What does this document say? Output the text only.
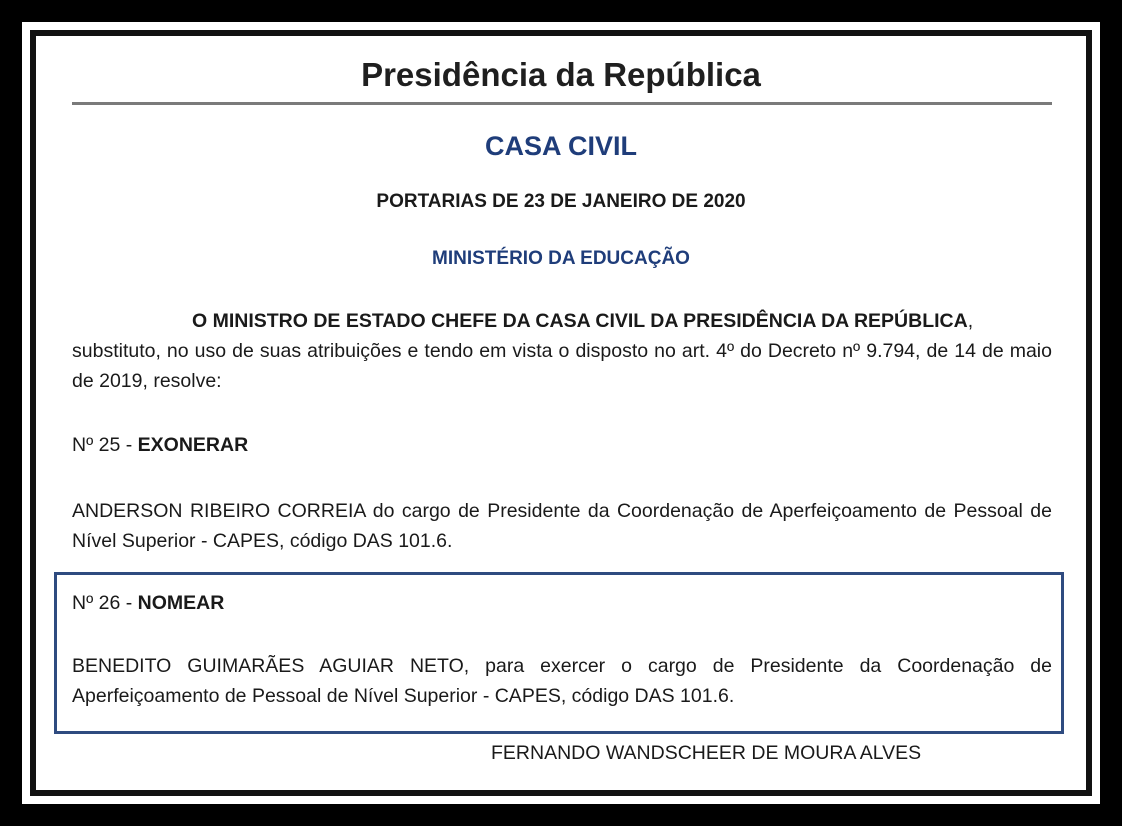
Presidência da República
CASA CIVIL
PORTARIAS DE 23 DE JANEIRO DE 2020
MINISTÉRIO DA EDUCAÇÃO
O MINISTRO DE ESTADO CHEFE DA CASA CIVIL DA PRESIDÊNCIA DA REPÚBLICA,
substituto, no uso de suas atribuições e tendo em vista o disposto no art. 4º do Decreto nº 9.794, de 14 de maio de 2019, resolve:
Nº 25 - EXONERAR
ANDERSON RIBEIRO CORREIA do cargo de Presidente da Coordenação de Aperfeiçoamento de Pessoal de Nível Superior - CAPES, código DAS 101.6.
Nº 26 - NOMEAR
BENEDITO GUIMARÃES AGUIAR NETO, para exercer o cargo de Presidente da Coordenação de Aperfeiçoamento de Pessoal de Nível Superior - CAPES, código DAS 101.6.
FERNANDO WANDSCHEER DE MOURA ALVES
